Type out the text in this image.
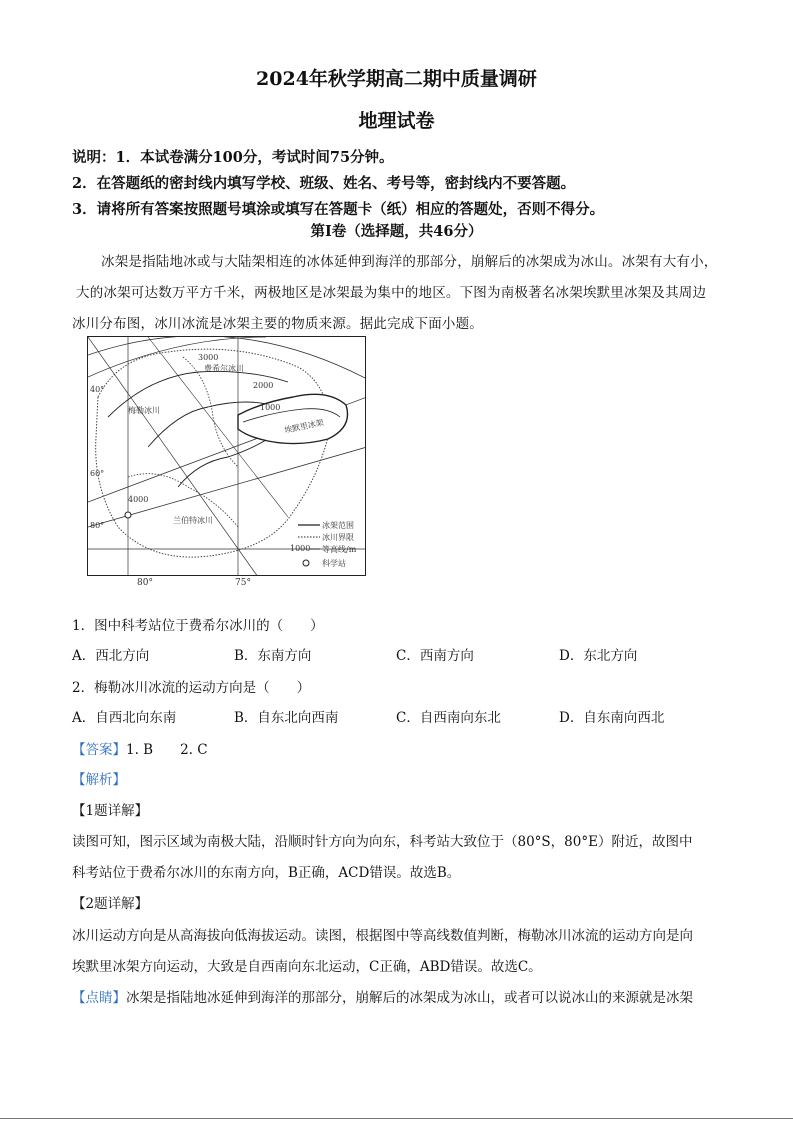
2024年秋学期高二期中质量调研
地理试卷
说明：1．本试卷满分100分，考试时间75分钟。
2．在答题纸的密封线内填写学校、班级、姓名、考号等，密封线内不要答题。
3．请将所有答案按照题号填涂或填写在答题卡（纸）相应的答题处，否则不得分。
第Ⅰ卷（选择题，共46分）
冰架是指陆地冰或与大陆架相连的冰体延伸到海洋的那部分，崩解后的冰架成为冰山。冰架有大有小，
大的冰架可达数万平方千米，两极地区是冰架最为集中的地区。下图为南极著名冰架埃默里冰架及其周边
冰川分布图，冰川冰流是冰架主要的物质来源。据此完成下面小题。
40°
60°
80°
3000
2000
1000
4000
费希尔冰川
梅勒冰川
兰伯特冰川
埃默里冰架
冰架范围
冰川界限
1000 等高线/m
科学站
80°	75°
1．图中科考站位于费希尔冰川的（　　）
A．西北方向	B．东南方向	C．西南方向	D．东北方向
2．梅勒冰川冰流的运动方向是（　　）
A．自西北向东南	B．自东北向西南	C．自西南向东北	D．自东南向西北
【答案】1. B　　2. C
【解析】
【1题详解】
读图可知，图示区域为南极大陆，沿顺时针方向为向东，科考站大致位于（80°S，80°E）附近，故图中
科考站位于费希尔冰川的东南方向，B正确，ACD错误。故选B。
【2题详解】
冰川运动方向是从高海拔向低海拔运动。读图，根据图中等高线数值判断，梅勒冰川冰流的运动方向是向
埃默里冰架方向运动，大致是自西南向东北运动，C正确，ABD错误。故选C。
【点睛】冰架是指陆地冰延伸到海洋的那部分，崩解后的冰架成为冰山，或者可以说冰山的来源就是冰架
